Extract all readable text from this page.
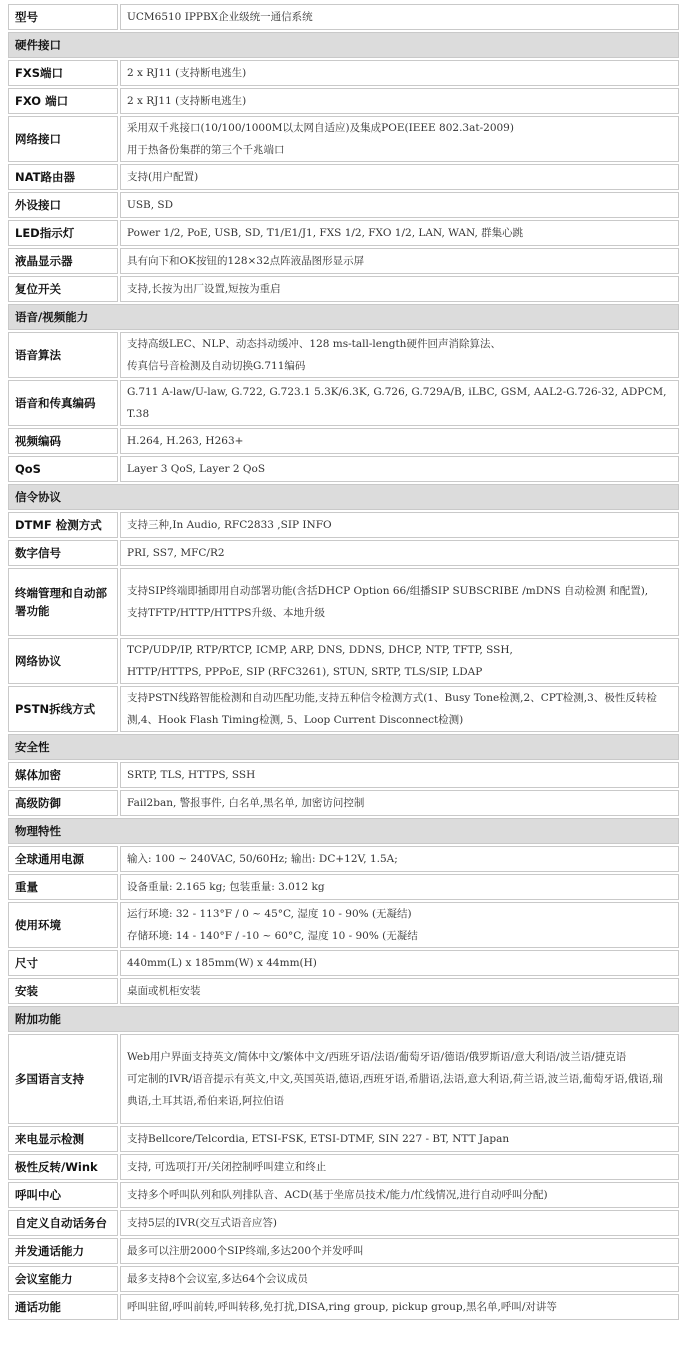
型号	UCM6510 IPPBX企业级统一通信系统

硬件接口	
FXS端口	2 x RJ11 (支持断电逃生)

FXO 端口	2 x RJ11 (支持断电逃生)

网络接口	采用双千兆接口(10/100/1000M以太网自适应)及集成POE(IEEE 802.3at-2009)
用于热备份集群的第三个千兆端口

NAT路由器	支持(用户配置)

外设接口	USB, SD

LED指示灯	Power 1/2, PoE, USB, SD, T1/E1/J1, FXS 1/2, FXO 1/2, LAN, WAN, 群集心跳

液晶显示器	具有向下和OK按钮的128×32点阵液晶图形显示屏

复位开关	支持,长按为出厂设置,短按为重启

语音/视频能力	
语音算法	支持高级LEC、NLP、动态抖动缓冲、128 ms-tall-length硬件回声消除算法、
传真信号音检测及自动切换G.711编码

语音和传真编码	G.711 A-law/U-law, G.722, G.723.1 5.3K/6.3K, G.726, G.729A/B, iLBC, GSM, AAL2-G.726-32, ADPCM, T.38

视频编码	H.264, H.263, H263+

QoS	Layer 3 QoS, Layer 2 QoS

信令协议	
DTMF 检测方式	支持三种,In Audio, RFC2833 ,SIP INFO

数字信号	PRI, SS7, MFC/R2

终端管理和自动部署功能	支持SIP终端即插即用自动部署功能(含括DHCP Option 66/组播SIP SUBSCRIBE /mDNS 自动检测 和配置),
支持TFTP/HTTP/HTTPS升级、本地升级

网络协议	TCP/UDP/IP, RTP/RTCP, ICMP, ARP, DNS, DDNS, DHCP, NTP, TFTP, SSH,
HTTP/HTTPS, PPPoE, SIP (RFC3261), STUN, SRTP, TLS/SIP, LDAP

PSTN拆线方式	支持PSTN线路智能检测和自动匹配功能,支持五种信令检测方式(1、Busy Tone检测,2、CPT检测,3、极性反转检测,4、Hook Flash Timing检测, 5、Loop Current Disconnect检测)

安全性	
媒体加密	SRTP, TLS, HTTPS, SSH

高级防御	Fail2ban, 警报事件, 白名单,黑名单, 加密访问控制

物理特性	
全球通用电源	输入: 100 ~ 240VAC, 50/60Hz; 输出: DC+12V, 1.5A;

重量	设备重量: 2.165 kg; 包装重量: 3.012 kg

使用环境	运行环境: 32 - 113°F / 0 ~ 45°C, 湿度 10 - 90% (无凝结)
存储环境: 14 - 140°F / -10 ~ 60°C, 湿度 10 - 90% (无凝结

尺寸	440mm(L) x 185mm(W) x 44mm(H)

安装	桌面或机柜安装

附加功能	
多国语言支持	Web用户界面支持英文/简体中文/繁体中文/西班牙语/法语/葡萄牙语/德语/俄罗斯语/意大利语/波兰语/捷克语
可定制的IVR/语音提示有英文,中文,英国英语,德语,西班牙语,希腊语,法语,意大利语,荷兰语,波兰语,葡萄牙语,俄语,瑞典语,土耳其语,希伯来语,阿拉伯语

来电显示检测	支持Bellcore/Telcordia, ETSI-FSK, ETSI-DTMF, SIN 227 - BT, NTT Japan

极性反转/Wink	支持, 可选项打开/关闭控制呼叫建立和终止

呼叫中心	支持多个呼叫队列和队列排队音、ACD(基于坐席员技术/能力/忙线情况,进行自动呼叫分配)

自定义自动话务台	支持5层的IVR(交互式语音应答)

并发通话能力	最多可以注册2000个SIP终端,多达200个并发呼叫

会议室能力	最多支持8个会议室,多达64个会议成员

通话功能	呼叫驻留,呼叫前转,呼叫转移,免打扰,DISA,ring group, pickup group,黑名单,呼叫/对讲等
